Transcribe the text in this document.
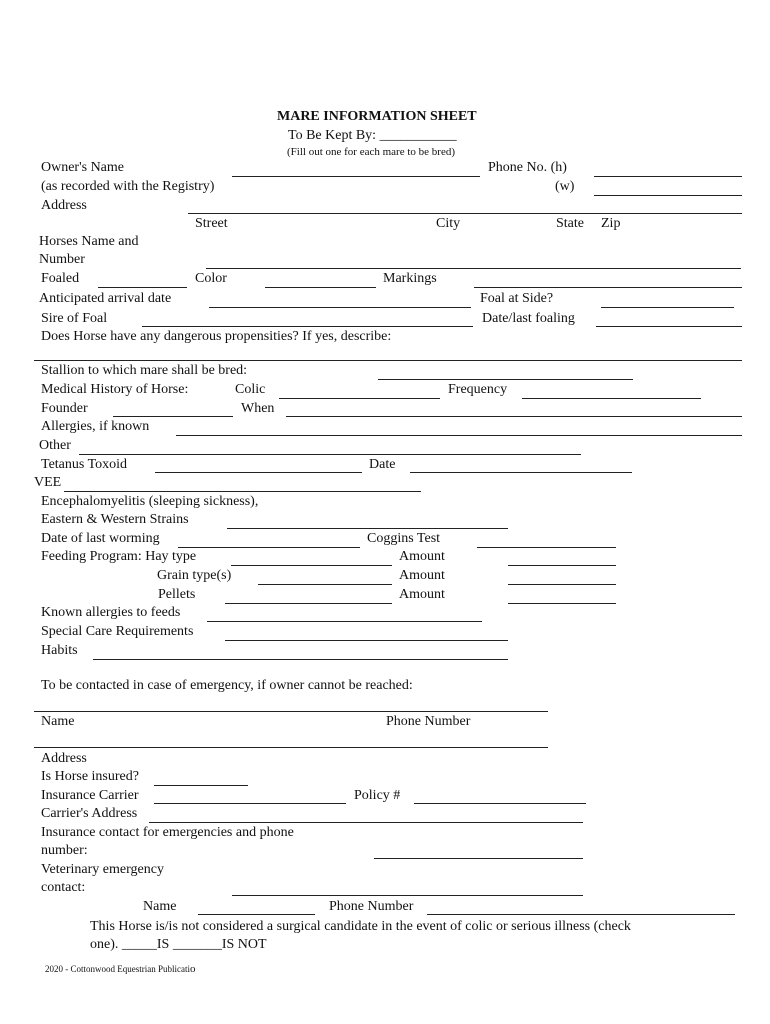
MARE INFORMATION SHEET
To Be Kept By: ___________
(Fill out one for each mare to be bred)
Owner's Name	Phone No. (h)
(as recorded with the Registry)	(w)
Address
Street	City	State Zip
Horses Name and
Number
Foaled	Color	Markings
Anticipated arrival date	Foal at Side?
Sire of Foal	Date/last foaling
Does Horse have any dangerous propensities? If yes, describe:
Stallion to which mare shall be bred:
Medical History of Horse:	Colic	Frequency
Founder	When
Allergies, if known
Other
Tetanus Toxoid	Date
VEE
Encephalomyelitis (sleeping sickness),
Eastern & Western Strains
Date of last worming	Coggins Test
Feeding Program: Hay type	Amount
Grain type(s)	Amount
Pellets	Amount
Known allergies to feeds
Special Care Requirements
Habits
To be contacted in case of emergency, if owner cannot be reached:
Name	Phone Number
Address
Is Horse insured?
Insurance Carrier	Policy #
Carrier's Address
Insurance contact for emergencies and phone
number:
Veterinary emergency
contact:
Name	Phone Number
This Horse is/is not considered a surgical candidate in the event of colic or serious illness (check
one). _____IS _______IS NOT
2020 - Cottonwood Equestrian Publicatio
